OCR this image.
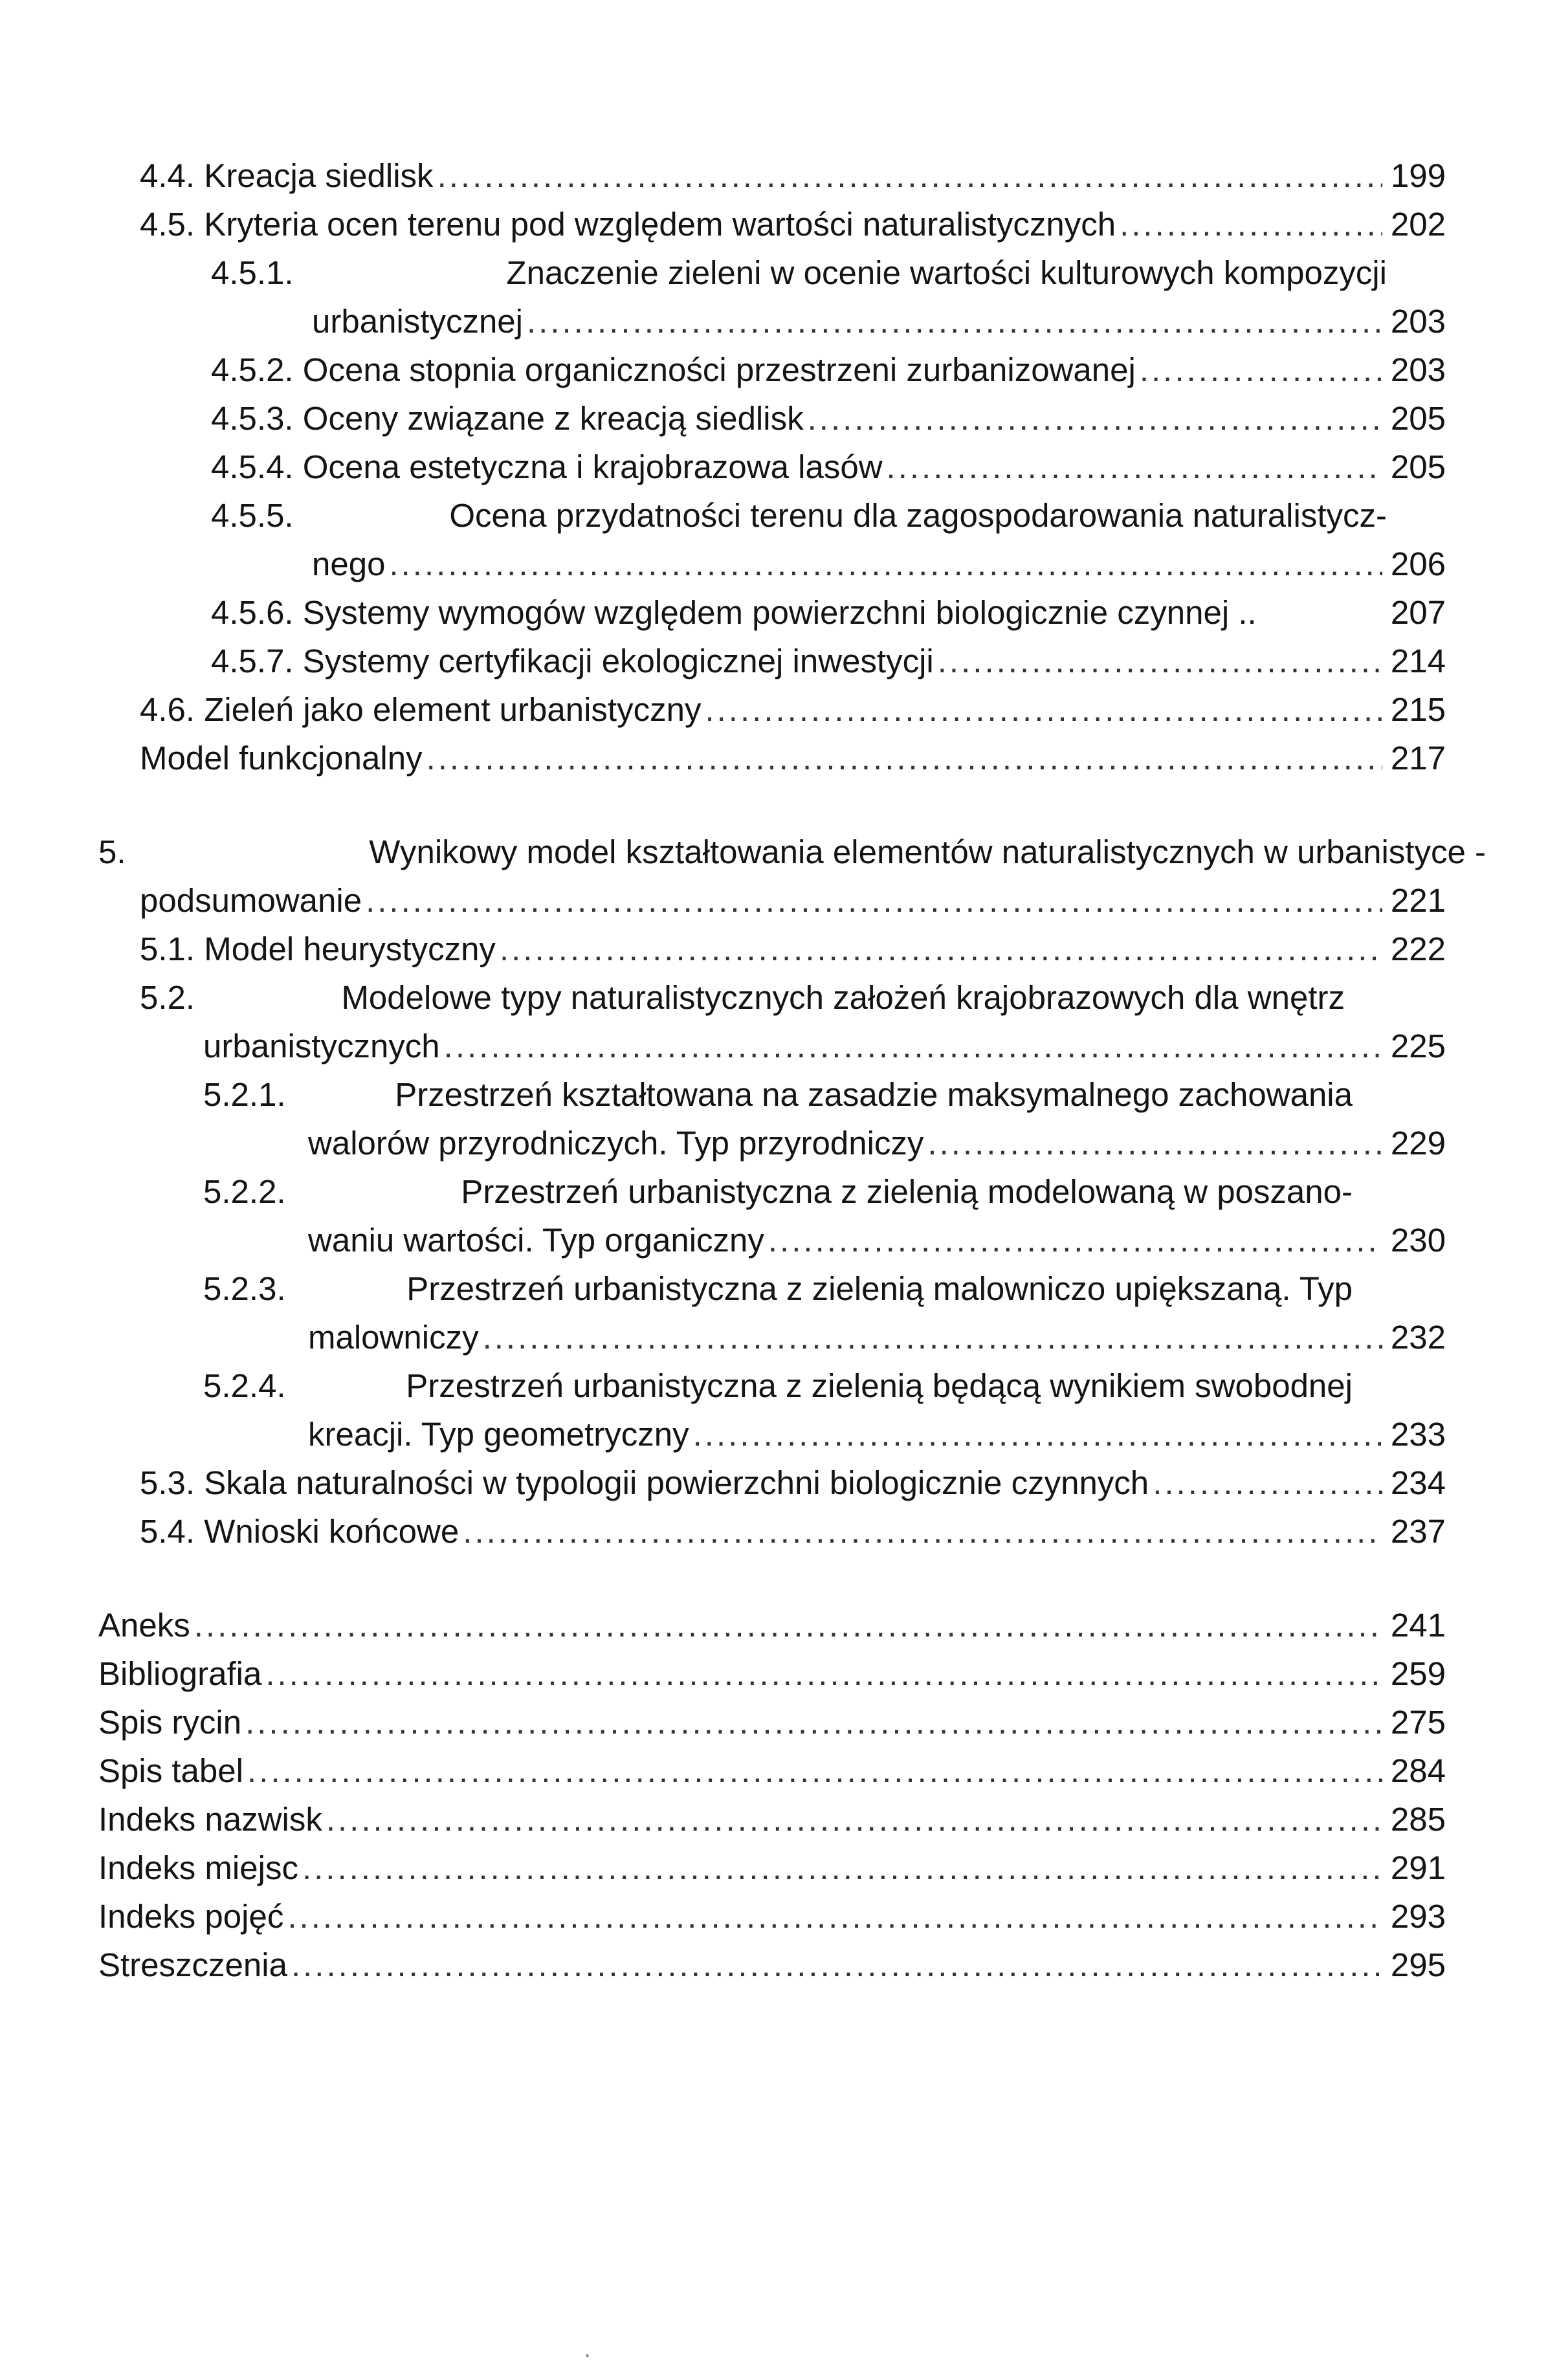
4.4. Kreacja siedlisk .....	199
4.5. Kryteria ocen terenu pod względem wartości naturalistycznych .....	202
4.5.1.	Znaczenie zieleni w ocenie wartości kulturowych kompozycji
urbanistycznej .....	203
4.5.2. Ocena stopnia organiczności przestrzeni zurbanizowanej .....	203
4.5.3. Oceny związane z kreacją siedlisk .....	205
4.5.4. Ocena estetyczna i krajobrazowa lasów .....	205
4.5.5.	Ocena przydatności terenu dla zagospodarowania naturalistycz-
nego .....	206
4.5.6. Systemy wymogów względem powierzchni biologicznie czynnej ..	207
4.5.7. Systemy certyfikacji ekologicznej inwestycji .....	214
4.6. Zieleń jako element urbanistyczny .....	215
Model funkcjonalny .....	217
5.	Wynikowy model kształtowania elementów naturalistycznych w urbanistyce -
podsumowanie .....	221
5.1. Model heurystyczny .....	222
5.2.	Modelowe typy naturalistycznych założeń krajobrazowych dla wnętrz
urbanistycznych .....	225
5.2.1.	Przestrzeń kształtowana na zasadzie maksymalnego zachowania
walorów przyrodniczych. Typ przyrodniczy .....	229
5.2.2.	Przestrzeń urbanistyczna z zielenią modelowaną w poszano-
waniu wartości. Typ organiczny .....	230
5.2.3.	Przestrzeń urbanistyczna z zielenią malowniczo upiększaną. Typ
malowniczy .....	232
5.2.4.	Przestrzeń urbanistyczna z zielenią będącą wynikiem swobodnej
kreacji. Typ geometryczny .....	233
5.3. Skala naturalności w typologii powierzchni biologicznie czynnych .....	234
5.4. Wnioski końcowe .....	237
Aneks .....	241
Bibliografia .....	259
Spis rycin .....	275
Spis tabel .....	284
Indeks nazwisk .....	285
Indeks miejsc .....	291
Indeks pojęć .....	293
Streszczenia .....	295
